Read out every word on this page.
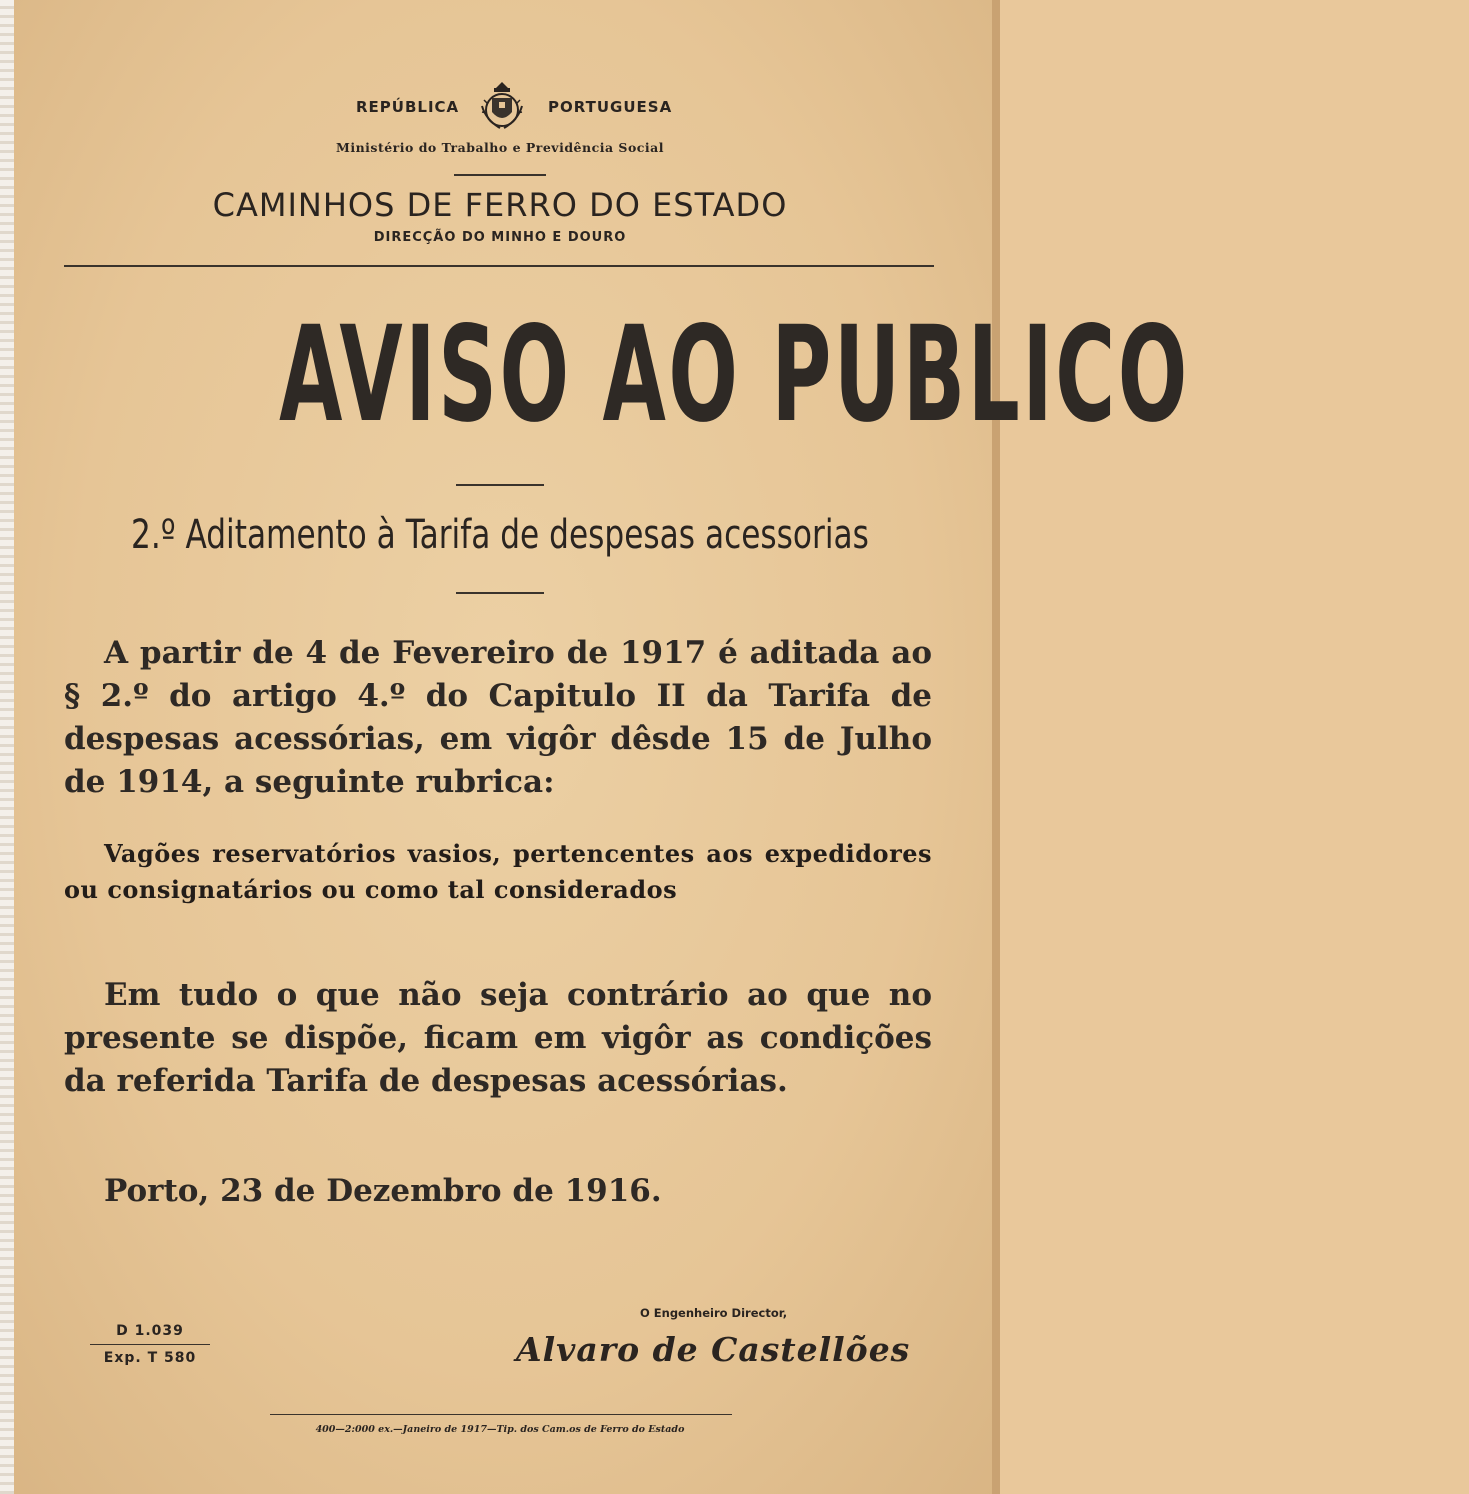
REPÚBLICA	PORTUGUESA
Ministério do Trabalho e Previdência Social
CAMINHOS DE FERRO DO ESTADO
DIRECÇÃO DO MINHO E DOURO
AVISO AO PUBLICO
2.º Aditamento à Tarifa de despesas acessorias
A partir de 4 de Fevereiro de 1917 é aditada ao § 2.º do artigo 4.º do Capitulo II da Tarifa de despesas acessórias, em vigôr dêsde 15 de Julho de 1914, a seguinte rubrica:
Vagões reservatórios vasios, pertencentes aos expedidores ou consignatários ou como tal considerados
Em tudo o que não seja contrário ao que no presente se dispõe, ficam em vigôr as condições da referida Tarifa de despesas acessórias.
Porto, 23 de Dezembro de 1916.
D 1.039
Exp. T 580
O Engenheiro Director,
Alvaro de Castellões
400—2:000 ex.—Janeiro de 1917—Tip. dos Cam.os de Ferro do Estado
